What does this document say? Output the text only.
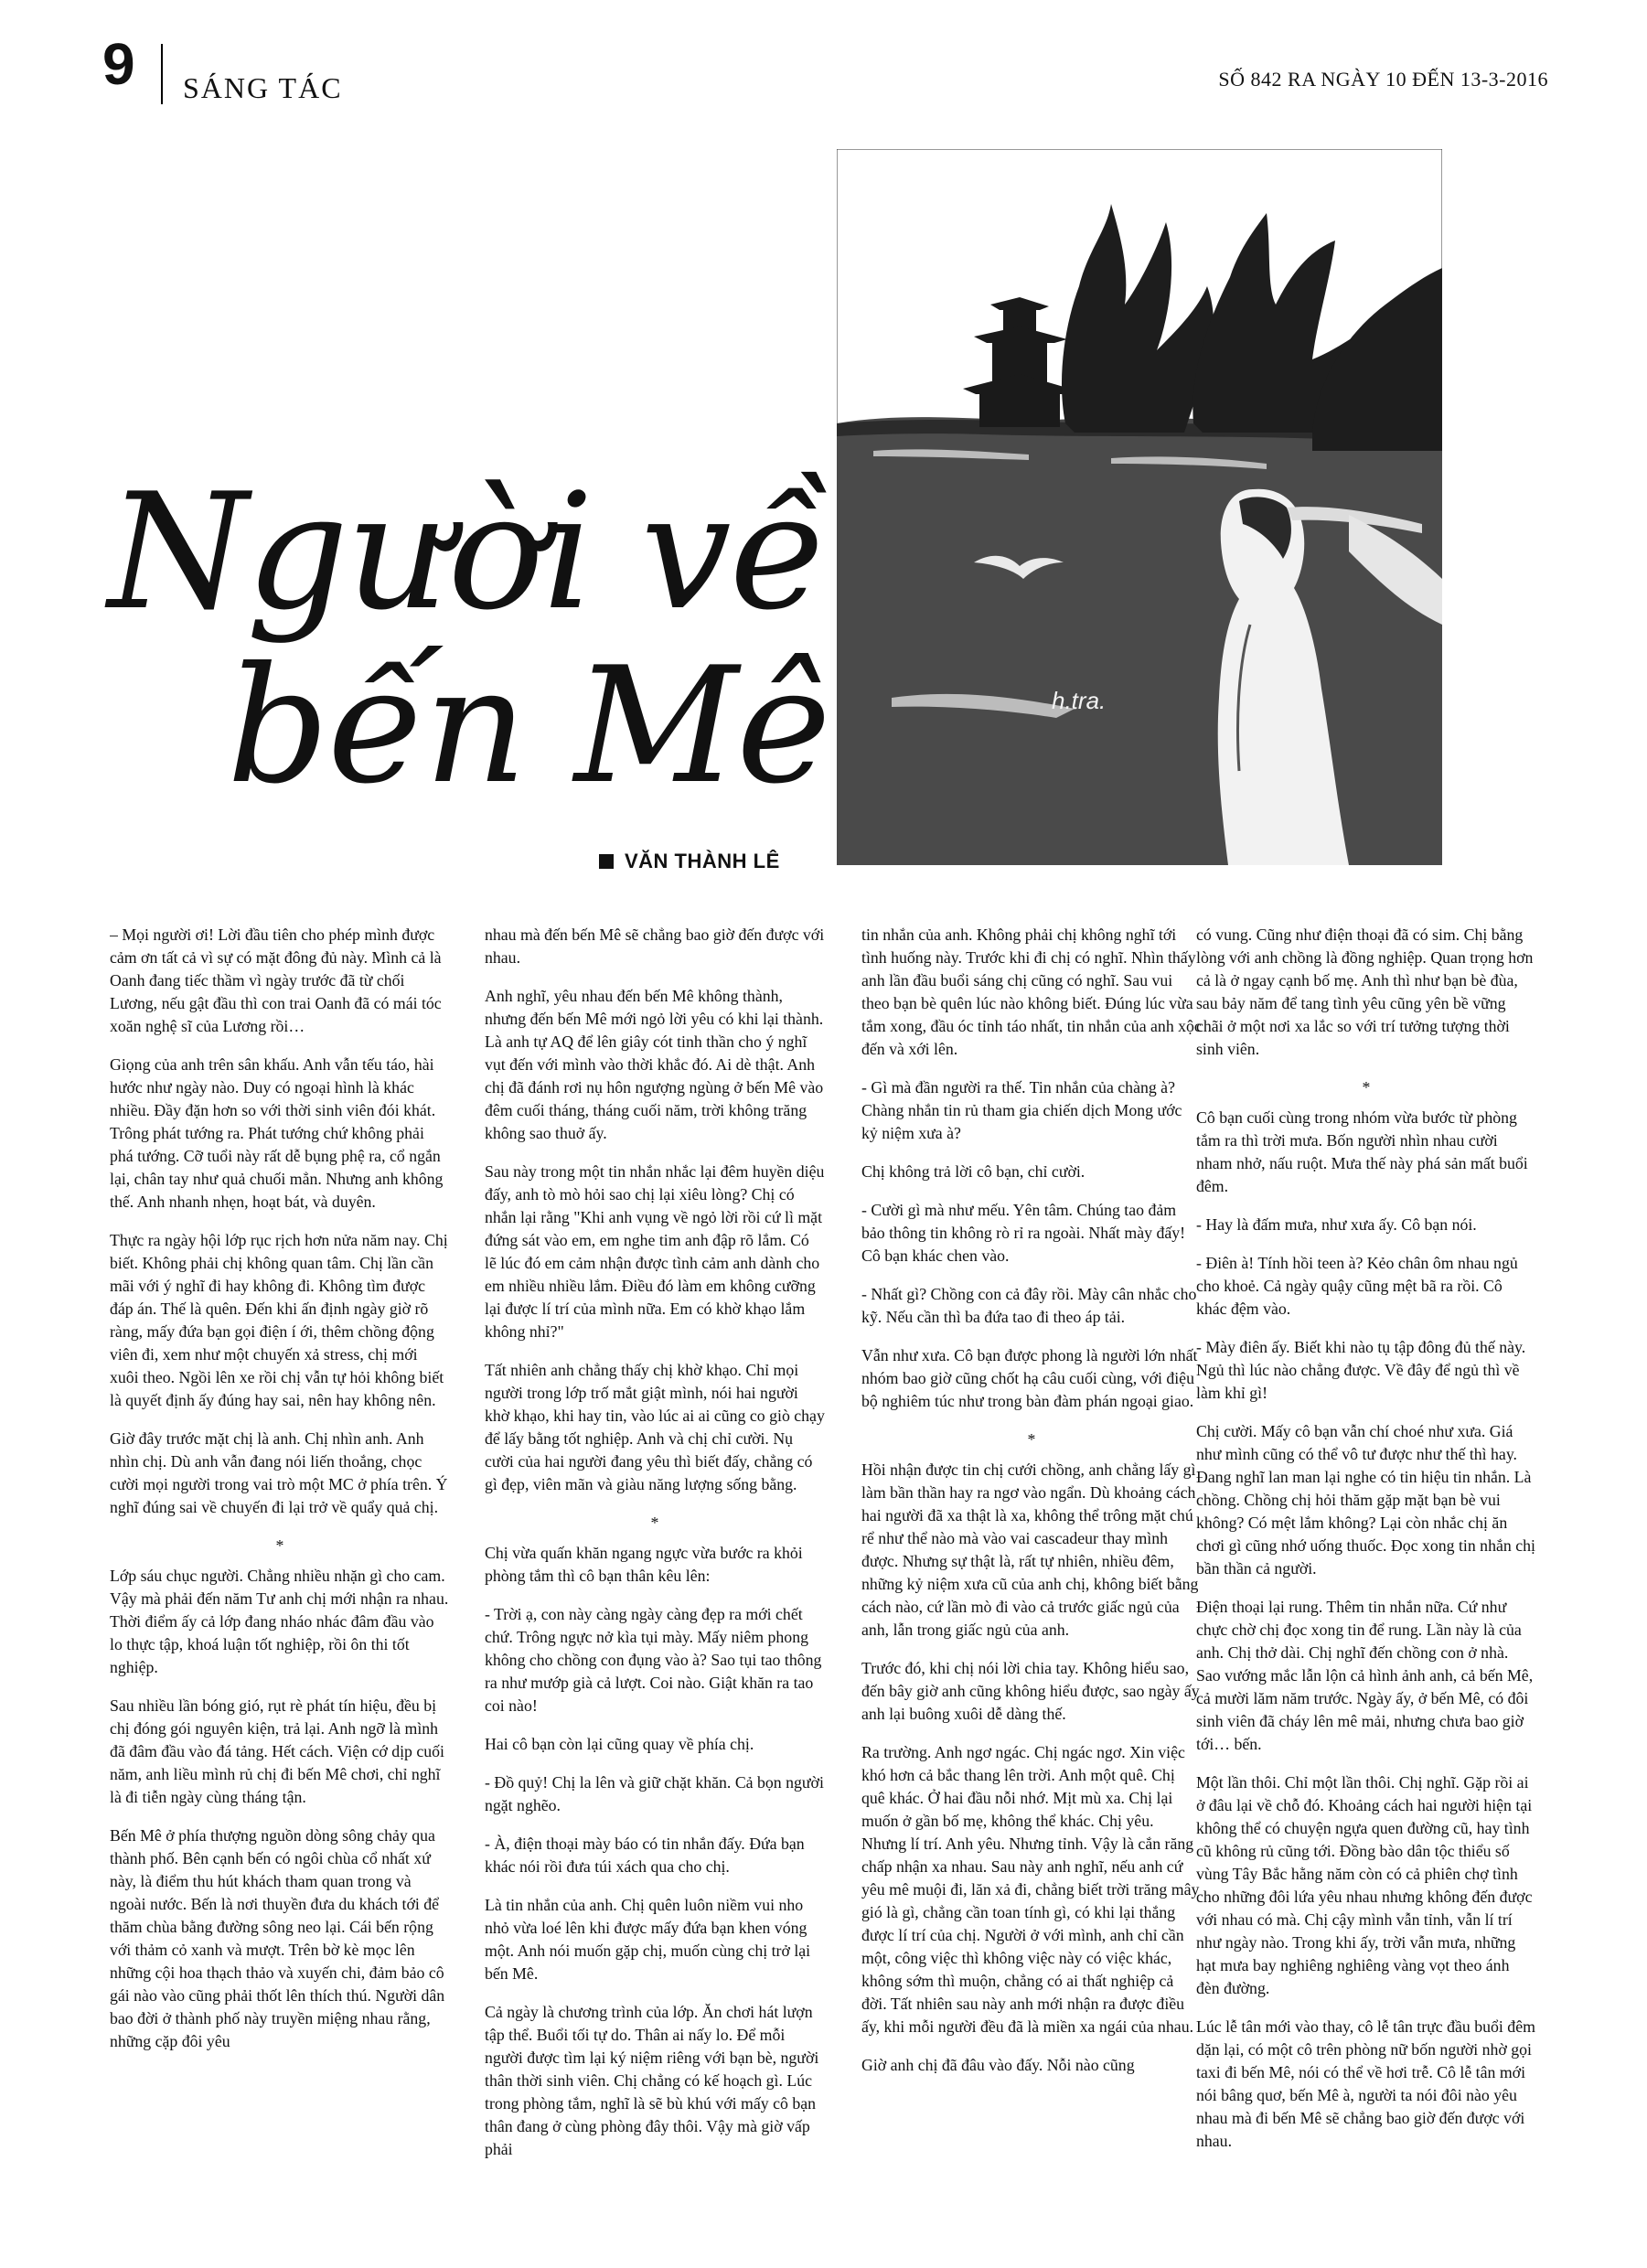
9 SÁNG TÁC	SỐ 842 RA NGÀY 10 ĐẾN 13-3-2016
Người về
bến Mê
VĂN THÀNH LÊ
h.tra.

– Mọi người ơi! Lời đầu tiên cho phép mình được cảm ơn tất cả vì sự có mặt đông đủ này. Mình cả là Oanh đang tiếc thầm vì ngày trước đã từ chối Lương, nếu gật đầu thì con trai Oanh đã có mái tóc xoăn nghệ sĩ của Lương rồi…

Giọng của anh trên sân khấu. Anh vẫn tếu táo, hài hước như ngày nào. Duy có ngoại hình là khác nhiều. Đầy đặn hơn so với thời sinh viên đói khát. Trông phát tướng ra. Phát tướng chứ không phải phá tướng. Cỡ tuổi này rất dễ bụng phệ ra, cổ ngắn lại, chân tay như quả chuối mẳn. Nhưng anh không thế. Anh nhanh nhẹn, hoạt bát, và duyên.

Thực ra ngày hội lớp rục rịch hơn nửa năm nay. Chị biết. Không phải chị không quan tâm. Chị lần cần mãi với ý nghĩ đi hay không đi. Không tìm được đáp án. Thế là quên. Đến khi ấn định ngày giờ rõ ràng, mấy đứa bạn gọi điện í ới, thêm chồng động viên đi, xem như một chuyến xả stress, chị mới xuôi theo. Ngồi lên xe rồi chị vẫn tự hỏi không biết là quyết định ấy đúng hay sai, nên hay không nên.

Giờ đây trước mặt chị là anh. Chị nhìn anh. Anh nhìn chị. Dù anh vẫn đang nói liến thoắng, chọc cười mọi người trong vai trò một MC ở phía trên. Ý nghĩ đúng sai về chuyến đi lại trở về quẩy quả chị.

*

Lớp sáu chục người. Chẳng nhiều nhặn gì cho cam. Vậy mà phải đến năm Tư anh chị mới nhận ra nhau. Thời điểm ấy cả lớp đang nháo nhác đâm đầu vào lo thực tập, khoá luận tốt nghiệp, rồi ôn thi tốt nghiệp.

Sau nhiều lần bóng gió, rụt rè phát tín hiệu, đều bị chị đóng gói nguyên kiện, trả lại. Anh ngỡ là mình đã đâm đầu vào đá tảng. Hết cách. Viện cớ dịp cuối năm, anh liều mình rủ chị đi bến Mê chơi, chỉ nghĩ là đi tiễn ngày cùng tháng tận.

Bến Mê ở phía thượng nguồn dòng sông chảy qua thành phố. Bên cạnh bến có ngôi chùa cổ nhất xứ này, là điểm thu hút khách tham quan trong và ngoài nước. Bến là nơi thuyền đưa du khách tới để thăm chùa bằng đường sông neo lại. Cái bến rộng với thảm cỏ xanh và mượt. Trên bờ kè mọc lên những cội hoa thạch thảo và xuyến chi, đảm bảo cô gái nào vào cũng phải thốt lên thích thú. Người dân bao đời ở thành phố này truyền miệng nhau rằng, những cặp đôi yêu

nhau mà đến bến Mê sẽ chẳng bao giờ đến được với nhau.

Anh nghĩ, yêu nhau đến bến Mê không thành, nhưng đến bến Mê mới ngỏ lời yêu có khi lại thành. Là anh tự AQ để lên giây cót tinh thần cho ý nghĩ vụt đến với mình vào thời khắc đó. Ai dè thật. Anh chị đã đánh rơi nụ hôn ngượng ngùng ở bến Mê vào đêm cuối tháng, tháng cuối năm, trời không trăng không sao thuở ấy.

Sau này trong một tin nhắn nhắc lại đêm huyền diệu đấy, anh tò mò hỏi sao chị lại xiêu lòng? Chị có nhắn lại rằng "Khi anh vụng về ngỏ lời rồi cứ lì mặt đứng sát vào em, em nghe tim anh đập rõ lắm. Có lẽ lúc đó em cảm nhận được tình cảm anh dành cho em nhiều nhiều lắm. Điều đó làm em không cưỡng lại được lí trí của mình nữa. Em có khờ khạo lắm không nhỉ?"

Tất nhiên anh chẳng thấy chị khờ khạo. Chỉ mọi người trong lớp trố mắt giật mình, nói hai người khờ khạo, khi hay tin, vào lúc ai ai cũng co giò chạy để lấy bằng tốt nghiệp. Anh và chị chỉ cười. Nụ cười của hai người đang yêu thì biết đấy, chẳng có gì đẹp, viên mãn và giàu năng lượng sống bằng.

*

Chị vừa quấn khăn ngang ngực vừa bước ra khỏi phòng tắm thì cô bạn thân kêu lên:

- Trời ạ, con này càng ngày càng đẹp ra mới chết chứ. Trông ngực nở kìa tụi mày. Mấy niêm phong không cho chồng con đụng vào à? Sao tụi tao thông ra như mướp già cả lượt. Coi nào. Giật khăn ra tao coi nào!

Hai cô bạn còn lại cũng quay về phía chị.

- Đồ quỷ! Chị la lên và giữ chặt khăn. Cả bọn người ngặt nghẽo.

- À, điện thoại mày báo có tin nhắn đấy. Đứa bạn khác nói rồi đưa túi xách qua cho chị.

Là tin nhắn của anh. Chị quên luôn niềm vui nho nhỏ vừa loé lên khi được mấy đứa bạn khen vóng một. Anh nói muốn gặp chị, muốn cùng chị trở lại bến Mê.

Cả ngày là chương trình của lớp. Ăn chơi hát lượn tập thể. Buổi tối tự do. Thân ai nấy lo. Để mỗi người được tìm lại ký niệm riêng với bạn bè, người thân thời sinh viên. Chị chẳng có kế hoạch gì. Lúc trong phòng tắm, nghĩ là sẽ bù khú với mấy cô bạn thân đang ở cùng phòng đây thôi. Vậy mà giờ vấp phải

tin nhắn của anh. Không phải chị không nghĩ tới tình huống này. Trước khi đi chị có nghĩ. Nhìn thấy anh lần đầu buổi sáng chị cũng có nghĩ. Sau vui theo bạn bè quên lúc nào không biết. Đúng lúc vừa tắm xong, đầu óc tỉnh táo nhất, tin nhắn của anh xộc đến và xới lên.

- Gì mà đần người ra thế. Tin nhắn của chàng à? Chàng nhắn tin rủ tham gia chiến dịch Mong ước kỷ niệm xưa à?

Chị không trả lời cô bạn, chỉ cười.

- Cười gì mà như mếu. Yên tâm. Chúng tao đảm bảo thông tin không rò rỉ ra ngoài. Nhất mày đấy! Cô bạn khác chen vào.

- Nhất gì? Chồng con cả đây rồi. Mày cân nhắc cho kỹ. Nếu cần thì ba đứa tao đi theo áp tải.

Vẫn như xưa. Cô bạn được phong là người lớn nhất nhóm bao giờ cũng chốt hạ câu cuối cùng, với điệu bộ nghiêm túc như trong bàn đàm phán ngoại giao.

*

Hồi nhận được tin chị cưới chồng, anh chẳng lấy gì làm bần thần hay ra ngơ vào ngẩn. Dù khoảng cách hai người đã xa thật là xa, không thể trông mặt chú rể như thể nào mà vào vai cascadeur thay mình được. Nhưng sự thật là, rất tự nhiên, nhiều đêm, những kỷ niệm xưa cũ của anh chị, không biết bằng cách nào, cứ lần mò đi vào cả trước giấc ngủ của anh, lẫn trong giấc ngủ của anh.

Trước đó, khi chị nói lời chia tay. Không hiểu sao, đến bây giờ anh cũng không hiểu được, sao ngày ấy anh lại buông xuôi dễ dàng thế.

Ra trường. Anh ngơ ngác. Chị ngác ngơ. Xin việc khó hơn cả bắc thang lên trời. Anh một quê. Chị quê khác. Ở hai đầu nỗi nhớ. Mịt mù xa. Chị lại muốn ở gần bố mẹ, không thể khác. Chị yêu. Nhưng lí trí. Anh yêu. Nhưng tỉnh. Vậy là cắn răng chấp nhận xa nhau. Sau này anh nghĩ, nếu anh cứ yêu mê muội đi, lăn xả đi, chẳng biết trời trăng mây gió là gì, chẳng cần toan tính gì, có khi lại thắng được lí trí của chị. Người ở với mình, anh chỉ cần một, công việc thì không việc này có việc khác, không sớm thì muộn, chẳng có ai thất nghiệp cả đời. Tất nhiên sau này anh mới nhận ra được điều ấy, khi mỗi người đều đã là miền xa ngái của nhau.

Giờ anh chị đã đâu vào đấy. Nỗi nào cũng

có vung. Cũng như điện thoại đã có sim. Chị bằng lòng với anh chồng là đồng nghiệp. Quan trọng hơn cả là ở ngay cạnh bố mẹ. Anh thì như bạn bè đùa, sau bảy năm để tang tình yêu cũng yên bề vững chãi ở một nơi xa lắc so với trí tưởng tượng thời sinh viên.

*

Cô bạn cuối cùng trong nhóm vừa bước từ phòng tắm ra thì trời mưa. Bốn người nhìn nhau cười nham nhở, nấu ruột. Mưa thế này phá sản mất buổi đêm.

- Hay là đấm mưa, như xưa ấy. Cô bạn nói.

- Điên à! Tính hồi teen à? Kẻo chân ôm nhau ngủ cho khoẻ. Cả ngày quậy cũng mệt bã ra rồi. Cô khác đệm vào.

- Mày điên ấy. Biết khi nào tụ tập đông đủ thế này. Ngủ thì lúc nào chẳng được. Về đây để ngủ thì về làm khỉ gì!

Chị cười. Mấy cô bạn vẫn chí choé như xưa. Giá như mình cũng có thể vô tư được như thế thì hay. Đang nghĩ lan man lại nghe có tin hiệu tin nhắn. Là chồng. Chồng chị hỏi thăm gặp mặt bạn bè vui không? Có mệt lắm không? Lại còn nhắc chị ăn chơi gì cũng nhớ uống thuốc. Đọc xong tin nhắn chị bần thần cả người.

Điện thoại lại rung. Thêm tin nhắn nữa. Cứ như chực chờ chị đọc xong tin để rung. Lần này là của anh. Chị thở dài. Chị nghĩ đến chồng con ở nhà. Sao vướng mắc lẫn lộn cả hình ảnh anh, cả bến Mê, cả mười lăm năm trước. Ngày ấy, ở bến Mê, có đôi sinh viên đã cháy lên mê mải, nhưng chưa bao giờ tới… bến.

Một lần thôi. Chỉ một lần thôi. Chị nghĩ. Gặp rồi ai ở đâu lại về chỗ đó. Khoảng cách hai người hiện tại không thể có chuyện ngựa quen đường cũ, hay tình cũ không rủ cũng tới. Đồng bào dân tộc thiểu số vùng Tây Bắc hằng năm còn có cả phiên chợ tình cho những đôi lứa yêu nhau nhưng không đến được với nhau có mà. Chị cậy mình vẫn tỉnh, vẫn lí trí như ngày nào. Trong khi ấy, trời vẫn mưa, những hạt mưa bay nghiêng nghiêng vàng vọt theo ánh đèn đường.

Lúc lễ tân mới vào thay, cô lễ tân trực đầu buổi đêm dặn lại, có một cô trên phòng nữ bốn người nhờ gọi taxi đi bến Mê, nói có thể về hơi trễ. Cô lễ tân mới nói bâng quơ, bến Mê à, người ta nói đôi nào yêu nhau mà đi bến Mê sẽ chẳng bao giờ đến được với nhau.
